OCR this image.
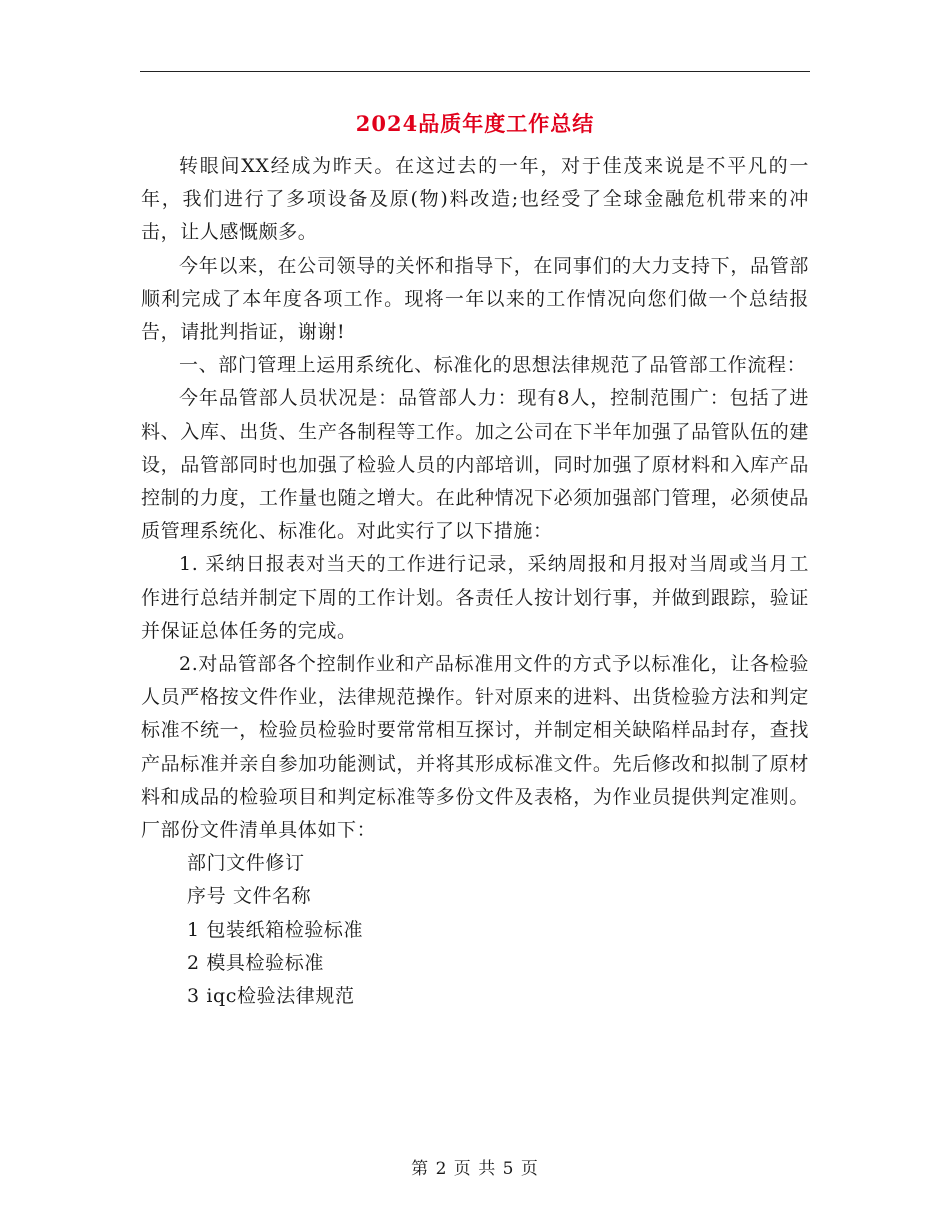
2024品质年度工作总结

转眼间XX经成为昨天。在这过去的一年，对于佳茂来说是不平凡的一年，我们进行了多项设备及原(物)料改造;也经受了全球金融危机带来的冲击，让人感慨颇多。

今年以来，在公司领导的关怀和指导下，在同事们的大力支持下，品管部顺利完成了本年度各项工作。现将一年以来的工作情况向您们做一个总结报告，请批判指证，谢谢!

一、部门管理上运用系统化、标准化的思想法律规范了品管部工作流程：

今年品管部人员状况是：品管部人力：现有8人，控制范围广：包括了进料、入库、出货、生产各制程等工作。加之公司在下半年加强了品管队伍的建设，品管部同时也加强了检验人员的内部培训，同时加强了原材料和入库产品控制的力度，工作量也随之增大。在此种情况下必须加强部门管理，必须使品质管理系统化、标准化。对此实行了以下措施：

1. 采纳日报表对当天的工作进行记录，采纳周报和月报对当周或当月工作进行总结并制定下周的工作计划。各责任人按计划行事，并做到跟踪，验证并保证总体任务的完成。

2.对品管部各个控制作业和产品标准用文件的方式予以标准化，让各检验人员严格按文件作业，法律规范操作。针对原来的进料、出货检验方法和判定标准不统一，检验员检验时要常常相互探讨，并制定相关缺陷样品封存，查找产品标准并亲自参加功能测试，并将其形成标准文件。先后修改和拟制了原材料和成品的检验项目和判定标准等多份文件及表格，为作业员提供判定准则。厂部份文件清单具体如下：

部门文件修订

序号 文件名称

1 包装纸箱检验标准

2 模具检验标准

3 iqc检验法律规范

第 2 页 共 5 页
